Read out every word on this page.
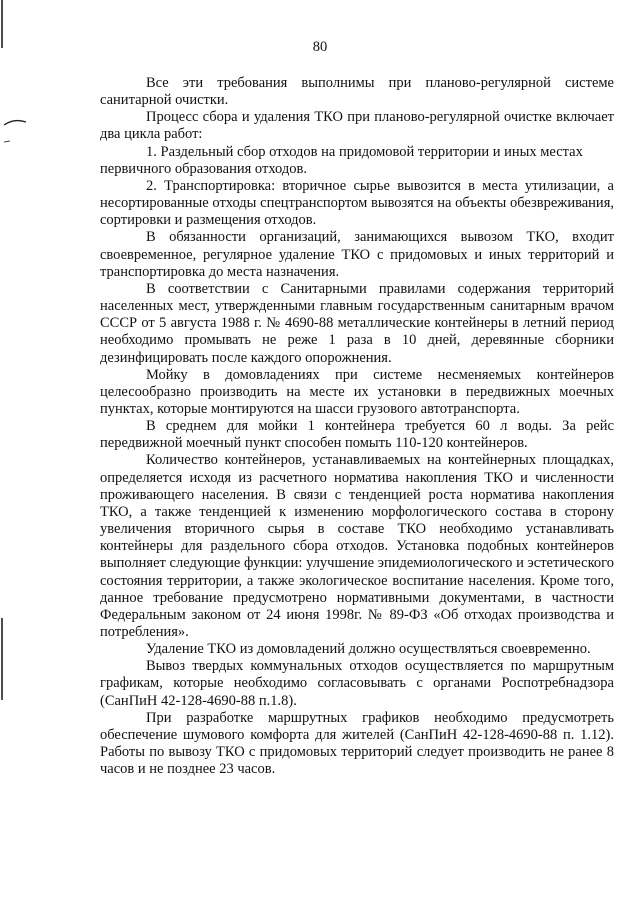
80

Все эти требования выполнимы при планово-регулярной системе санитарной очистки.

Процесс сбора и удаления ТКО при планово-регулярной очистке включает два цикла работ:

1. Раздельный сбор отходов на придомовой территории и иных местах первичного образования отходов.

2. Транспортировка: вторичное сырье вывозится в места утилизации, а несортированные отходы спецтранспортом вывозятся на объекты обезвреживания, сортировки и размещения отходов.

В обязанности организаций, занимающихся вывозом ТКО, входит своевременное, регулярное удаление ТКО с придомовых и иных территорий и транспортировка до места назначения.

В соответствии с Санитарными правилами содержания территорий населенных мест, утвержденными главным государственным санитарным врачом СССР от 5 августа 1988 г. № 4690-88 металлические контейнеры в летний период необходимо промывать не реже 1 раза в 10 дней, деревянные сборники дезинфицировать после каждого опорожнения.

Мойку в домовладениях при системе несменяемых контейнеров целесообразно производить на месте их установки в передвижных моечных пунктах, которые монтируются на шасси грузового автотранспорта.

В среднем для мойки 1 контейнера требуется 60 л воды. За рейс передвижной моечный пункт способен помыть 110-120 контейнеров.

Количество контейнеров, устанавливаемых на контейнерных площадках, определяется исходя из расчетного норматива накопления ТКО и численности проживающего населения. В связи с тенденцией роста норматива накопления ТКО, а также тенденцией к изменению морфологического состава в сторону увеличения вторичного сырья в составе ТКО необходимо устанавливать контейнеры для раздельного сбора отходов. Установка подобных контейнеров выполняет следующие функции: улучшение эпидемиологического и эстетического состояния территории, а также экологическое воспитание населения. Кроме того, данное требование предусмотрено нормативными документами, в частности Федеральным законом от 24 июня 1998г. № 89-ФЗ «Об отходах производства и потребления».

Удаление ТКО из домовладений должно осуществляться своевременно.

Вывоз твердых коммунальных отходов осуществляется по маршрутным графикам, которые необходимо согласовывать с органами Роспотребнадзора (СанПиН 42-128-4690-88 п.1.8).

При разработке маршрутных графиков необходимо предусмотреть обеспечение шумового комфорта для жителей (СанПиН 42-128-4690-88 п. 1.12). Работы по вывозу ТКО с придомовых территорий следует производить не ранее 8 часов и не позднее 23 часов.
